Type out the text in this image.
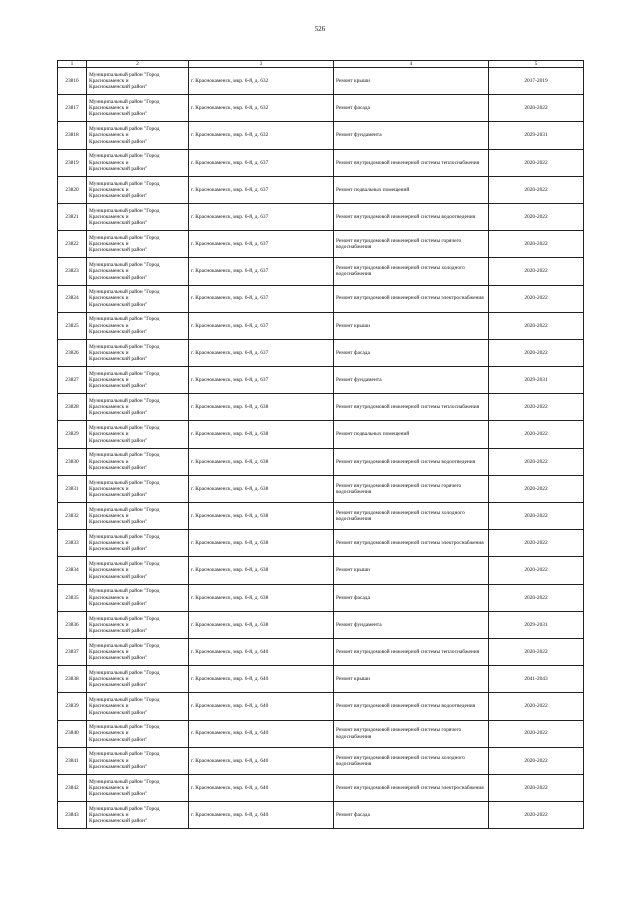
526
1	2	3	4	5
23816	Муниципальный район "Город
Краснокаменск и
Краснокаменский район"	г. Краснокаменск, мкр. 6-й, д. 632	Ремонт крыши	2017-2019
23817	Муниципальный район "Город
Краснокаменск и
Краснокаменский район"	г. Краснокаменск, мкр. 6-й, д. 632	Ремонт фасада	2020-2022
23818	Муниципальный район "Город
Краснокаменск и
Краснокаменский район"	г. Краснокаменск, мкр. 6-й, д. 632	Ремонт фундамента	2029-2031
23819	Муниципальный район "Город
Краснокаменск и
Краснокаменский район"	г. Краснокаменск, мкр. 6-й, д. 637	Ремонт внутридомовой инженерной системы теплоснабжения	2020-2022
23820	Муниципальный район "Город
Краснокаменск и
Краснокаменский район"	г. Краснокаменск, мкр. 6-й, д. 637	Ремонт подвальных помещений	2020-2022
23821	Муниципальный район "Город
Краснокаменск и
Краснокаменский район"	г. Краснокаменск, мкр. 6-й, д. 637	Ремонт внутридомовой инженерной системы водоотведения	2020-2022
23822	Муниципальный район "Город
Краснокаменск и
Краснокаменский район"	г. Краснокаменск, мкр. 6-й, д. 637	Ремонт внутридомовой инженерной системы горячего водоснабжения	2020-2022
23823	Муниципальный район "Город
Краснокаменск и
Краснокаменский район"	г. Краснокаменск, мкр. 6-й, д. 637	Ремонт внутридомовой инженерной системы холодного водоснабжения	2020-2022
23824	Муниципальный район "Город
Краснокаменск и
Краснокаменский район"	г. Краснокаменск, мкр. 6-й, д. 637	Ремонт внутридомовой инженерной системы электроснабжения	2020-2022
23825	Муниципальный район "Город
Краснокаменск и
Краснокаменский район"	г. Краснокаменск, мкр. 6-й, д. 637	Ремонт крыши	2020-2022
23826	Муниципальный район "Город
Краснокаменск и
Краснокаменский район"	г. Краснокаменск, мкр. 6-й, д. 637	Ремонт фасада	2020-2022
23827	Муниципальный район "Город
Краснокаменск и
Краснокаменский район"	г. Краснокаменск, мкр. 6-й, д. 637	Ремонт фундамента	2029-2031
23828	Муниципальный район "Город
Краснокаменск и
Краснокаменский район"	г. Краснокаменск, мкр. 6-й, д. 638	Ремонт внутридомовой инженерной системы теплоснабжения	2020-2022
23829	Муниципальный район "Город
Краснокаменск и
Краснокаменский район"	г. Краснокаменск, мкр. 6-й, д. 638	Ремонт подвальных помещений	2020-2022
23830	Муниципальный район "Город
Краснокаменск и
Краснокаменский район"	г. Краснокаменск, мкр. 6-й, д. 638	Ремонт внутридомовой инженерной системы водоотведения	2020-2022
23831	Муниципальный район "Город
Краснокаменск и
Краснокаменский район"	г. Краснокаменск, мкр. 6-й, д. 638	Ремонт внутридомовой инженерной системы горячего водоснабжения	2020-2022
23832	Муниципальный район "Город
Краснокаменск и
Краснокаменский район"	г. Краснокаменск, мкр. 6-й, д. 638	Ремонт внутридомовой инженерной системы холодного водоснабжения	2020-2022
23833	Муниципальный район "Город
Краснокаменск и
Краснокаменский район"	г. Краснокаменск, мкр. 6-й, д. 638	Ремонт внутридомовой инженерной системы электроснабжения	2020-2022
23834	Муниципальный район "Город
Краснокаменск и
Краснокаменский район"	г. Краснокаменск, мкр. 6-й, д. 638	Ремонт крыши	2020-2022
23835	Муниципальный район "Город
Краснокаменск и
Краснокаменский район"	г. Краснокаменск, мкр. 6-й, д. 638	Ремонт фасада	2020-2022
23836	Муниципальный район "Город
Краснокаменск и
Краснокаменский район"	г. Краснокаменск, мкр. 6-й, д. 638	Ремонт фундамента	2029-2031
23837	Муниципальный район "Город
Краснокаменск и
Краснокаменский район"	г. Краснокаменск, мкр. 6-й, д. 640	Ремонт внутридомовой инженерной системы теплоснабжения	2020-2022
23838	Муниципальный район "Город
Краснокаменск и
Краснокаменский район"	г. Краснокаменск, мкр. 6-й, д. 640	Ремонт крыши	2041-2043
23839	Муниципальный район "Город
Краснокаменск и
Краснокаменский район"	г. Краснокаменск, мкр. 6-й, д. 640	Ремонт внутридомовой инженерной системы водоотведения	2020-2022
23840	Муниципальный район "Город
Краснокаменск и
Краснокаменский район"	г. Краснокаменск, мкр. 6-й, д. 640	Ремонт внутридомовой инженерной системы горячего водоснабжения	2020-2022
23841	Муниципальный район "Город
Краснокаменск и
Краснокаменский район"	г. Краснокаменск, мкр. 6-й, д. 640	Ремонт внутридомовой инженерной системы холодного водоснабжения	2020-2022
23842	Муниципальный район "Город
Краснокаменск и
Краснокаменский район"	г. Краснокаменск, мкр. 6-й, д. 640	Ремонт внутридомовой инженерной системы электроснабжения	2020-2022
23843	Муниципальный район "Город
Краснокаменск и
Краснокаменский район"	г. Краснокаменск, мкр. 6-й, д. 640	Ремонт фасада	2020-2022
